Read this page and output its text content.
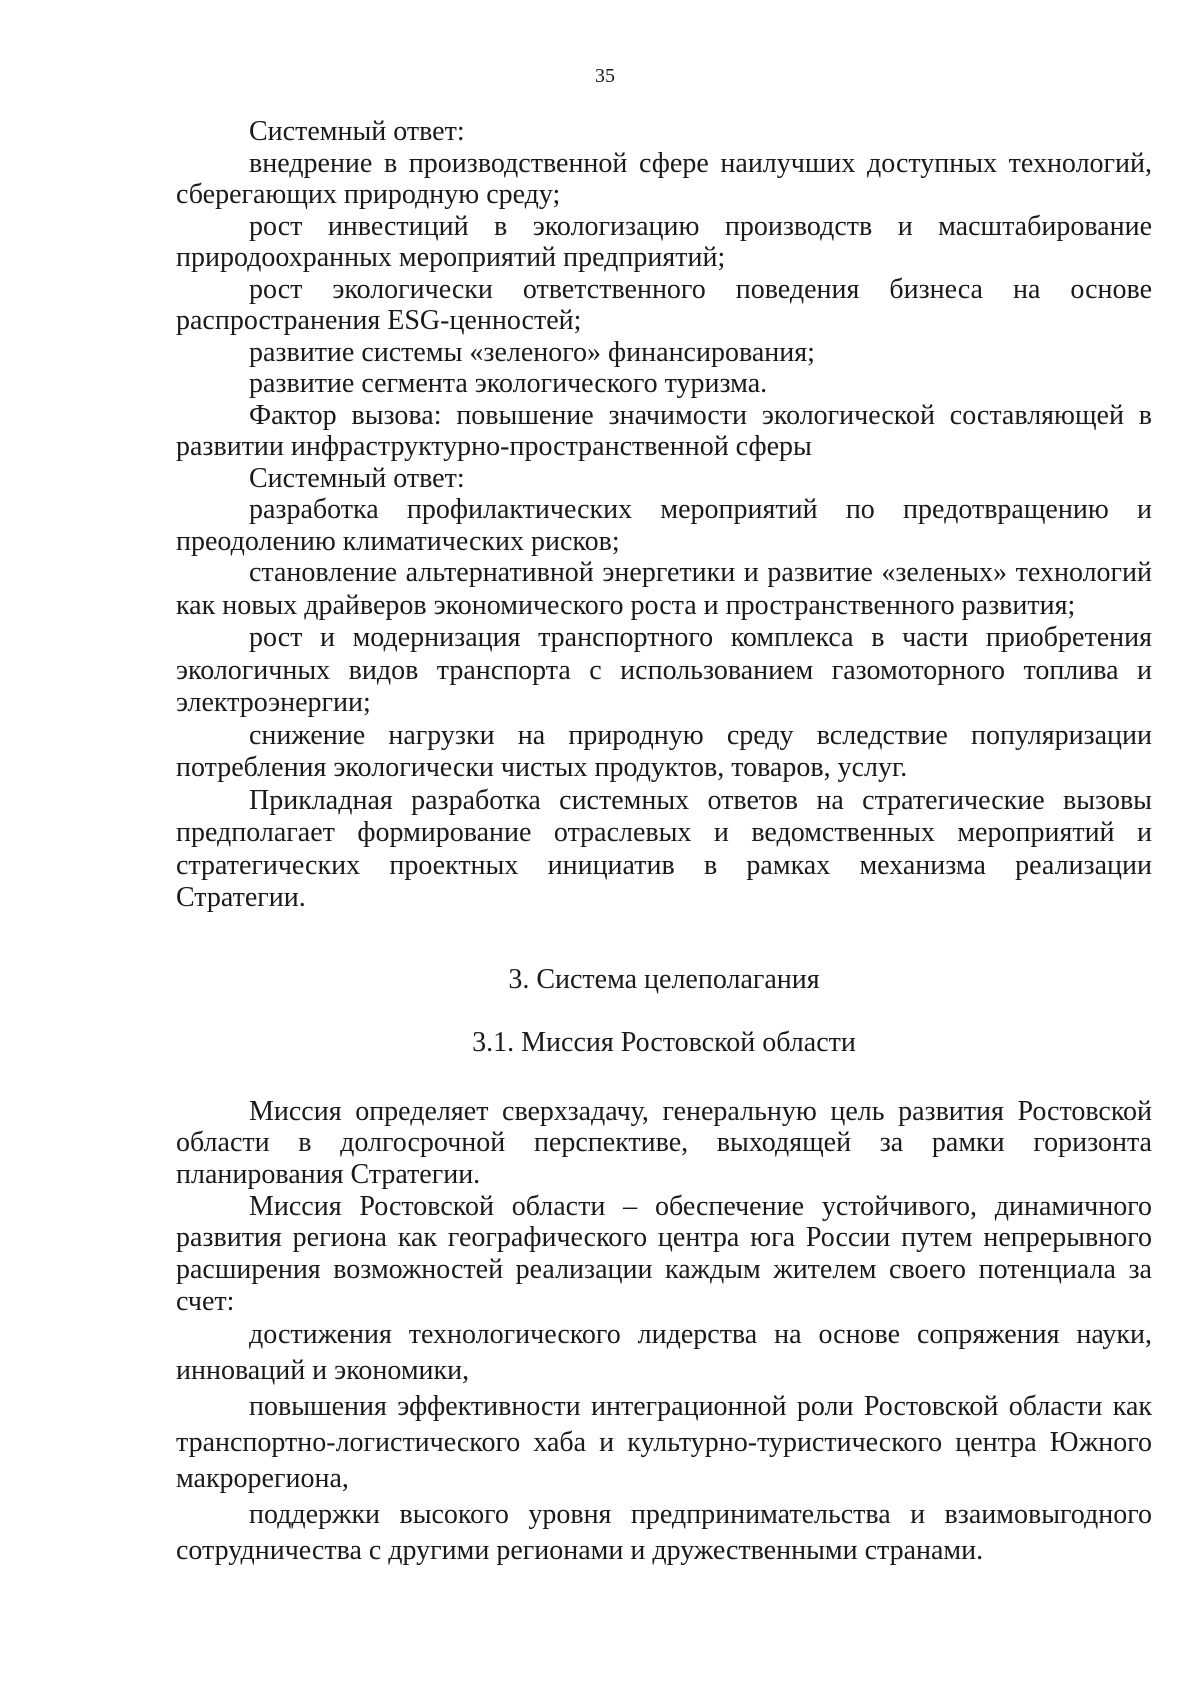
35

Системный ответ:

внедрение в производственной сфере наилучших доступных технологий, сберегающих природную среду;

рост инвестиций в экологизацию производств и масштабирование природоохранных мероприятий предприятий;

рост экологически ответственного поведения бизнеса на основе распространения ESG-ценностей;

развитие системы «зеленого» финансирования;

развитие сегмента экологического туризма.

Фактор вызова: повышение значимости экологической составляющей в развитии инфраструктурно-пространственной сферы

Системный ответ:

разработка профилактических мероприятий по предотвращению и преодолению климатических рисков;

становление альтернативной энергетики и развитие «зеленых» технологий как новых драйверов экономического роста и пространственного развития;

рост и модернизация транспортного комплекса в части приобретения экологичных видов транспорта с использованием газомоторного топлива и электроэнергии;

снижение нагрузки на природную среду вследствие популяризации потребления экологически чистых продуктов, товаров, услуг.

Прикладная разработка системных ответов на стратегические вызовы предполагает формирование отраслевых и ведомственных мероприятий и стратегических проектных инициатив в рамках механизма реализации Стратегии.

3. Система целеполагания

3.1. Миссия Ростовской области

Миссия определяет сверхзадачу, генеральную цель развития Ростовской области в долгосрочной перспективе, выходящей за рамки горизонта планирования Стратегии.

Миссия Ростовской области – обеспечение устойчивого, динамичного развития региона как географического центра юга России путем непрерывного расширения возможностей реализации каждым жителем своего потенциала за счет:

достижения технологического лидерства на основе сопряжения науки, инноваций и экономики,

повышения эффективности интеграционной роли Ростовской области как транспортно-логистического хаба и культурно-туристического центра Южного макрорегиона,

поддержки высокого уровня предпринимательства и взаимовыгодного сотрудничества с другими регионами и дружественными странами.
